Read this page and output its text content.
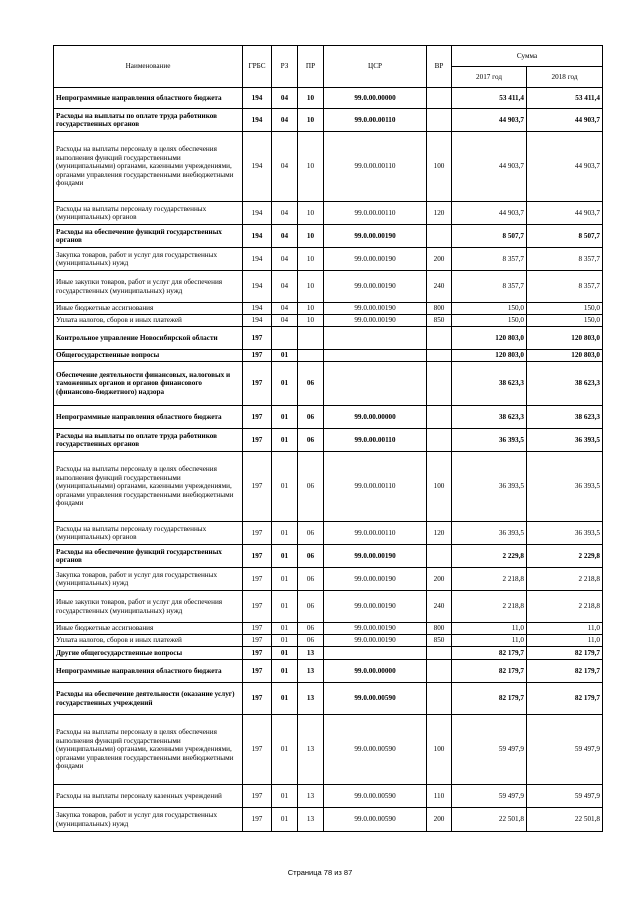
Наименование	ГРБС	РЗ	ПР	ЦСР	ВР	Сумма	
						2017 год	2018 год
Непрограммные направления областного бюджета	194	04	10	99.0.00.00000		53 411,4	53 411,4
Расходы на выплаты по оплате труда работников государственных органов	194	04	10	99.0.00.00110		44 903,7	44 903,7
Расходы на выплаты персоналу в целях обеспечения выполнения функций государственными (муниципальными) органами, казенными учреждениями, органами управления государственными внебюджетными фондами	194	04	10	99.0.00.00110	100	44 903,7	44 903,7
Расходы на выплаты персоналу государственных (муниципальных) органов	194	04	10	99.0.00.00110	120	44 903,7	44 903,7
Расходы на обеспечение функций государственных органов	194	04	10	99.0.00.00190		8 507,7	8 507,7
Закупка товаров, работ и услуг для государственных (муниципальных) нужд	194	04	10	99.0.00.00190	200	8 357,7	8 357,7
Иные закупки товаров, работ и услуг для обеспечения государственных (муниципальных) нужд	194	04	10	99.0.00.00190	240	8 357,7	8 357,7
Иные бюджетные ассигнования	194	04	10	99.0.00.00190	800	150,0	150,0
Уплата налогов, сборов и иных платежей	194	04	10	99.0.00.00190	850	150,0	150,0
Контрольное управление Новосибирской области	197					120 803,0	120 803,0
Общегосударственные вопросы	197	01				120 803,0	120 803,0
Обеспечение деятельности финансовых, налоговых и таможенных органов и органов финансового (финансово-бюджетного) надзора	197	01	06			38 623,3	38 623,3
Непрограммные направления областного бюджета	197	01	06	99.0.00.00000		38 623,3	38 623,3
Расходы на выплаты по оплате труда работников государственных органов	197	01	06	99.0.00.00110		36 393,5	36 393,5
Расходы на выплаты персоналу в целях обеспечения выполнения функций государственными (муниципальными) органами, казенными учреждениями, органами управления государственными внебюджетными фондами	197	01	06	99.0.00.00110	100	36 393,5	36 393,5
Расходы на выплаты персоналу государственных (муниципальных) органов	197	01	06	99.0.00.00110	120	36 393,5	36 393,5
Расходы на обеспечение функций государственных органов	197	01	06	99.0.00.00190		2 229,8	2 229,8
Закупка товаров, работ и услуг для государственных (муниципальных) нужд	197	01	06	99.0.00.00190	200	2 218,8	2 218,8
Иные закупки товаров, работ и услуг для обеспечения государственных (муниципальных) нужд	197	01	06	99.0.00.00190	240	2 218,8	2 218,8
Иные бюджетные ассигнования	197	01	06	99.0.00.00190	800	11,0	11,0
Уплата налогов, сборов и иных платежей	197	01	06	99.0.00.00190	850	11,0	11,0
Другие общегосударственные вопросы	197	01	13			82 179,7	82 179,7
Непрограммные направления областного бюджета	197	01	13	99.0.00.00000		82 179,7	82 179,7
Расходы на обеспечение деятельности (оказание услуг) государственных учреждений	197	01	13	99.0.00.00590		82 179,7	82 179,7
Расходы на выплаты персоналу в целях обеспечения выполнения функций государственными (муниципальными) органами, казенными учреждениями, органами управления государственными внебюджетными фондами	197	01	13	99.0.00.00590	100	59 497,9	59 497,9
Расходы на выплаты персоналу казенных учреждений	197	01	13	99.0.00.00590	110	59 497,9	59 497,9
Закупка товаров, работ и услуг для государственных (муниципальных) нужд	197	01	13	99.0.00.00590	200	22 501,8	22 501,8
Страница 78 из 87
